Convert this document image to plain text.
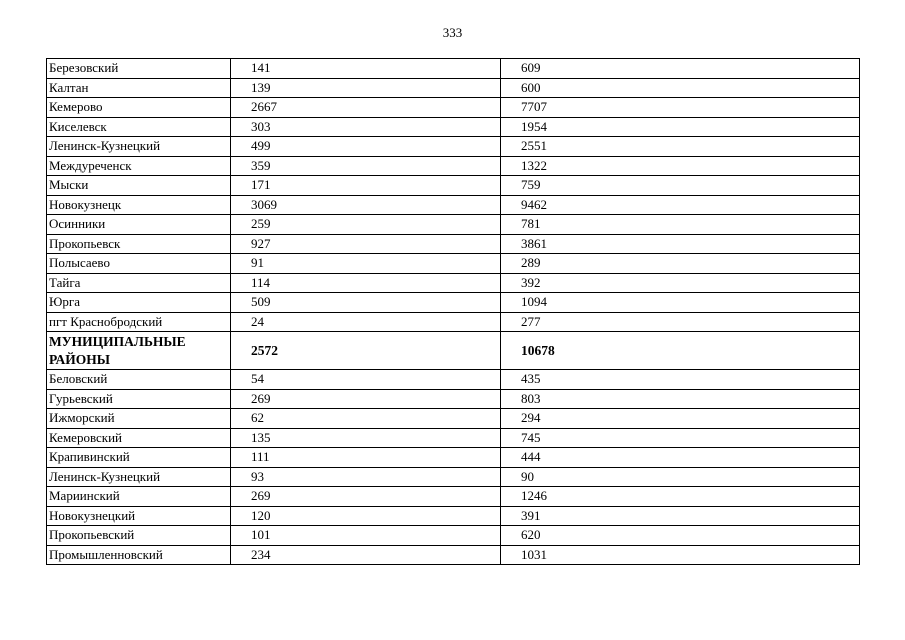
333
Березовский	141	609
Калтан	139	600
Кемерово	2667	7707
Киселевск	303	1954
Ленинск-Кузнецкий	499	2551
Междуреченск	359	1322
Мыски	171	759
Новокузнецк	3069	9462
Осинники	259	781
Прокопьевск	927	3861
Полысаево	91	289
Тайга	114	392
Юрга	509	1094
пгт Краснобродский	24	277
МУНИЦИПАЛЬНЫЕ РАЙОНЫ	2572	10678
Беловский	54	435
Гурьевский	269	803
Ижморский	62	294
Кемеровский	135	745
Крапивинский	111	444
Ленинск-Кузнецкий	93	90
Мариинский	269	1246
Новокузнецкий	120	391
Прокопьевский	101	620
Промышленновский	234	1031
